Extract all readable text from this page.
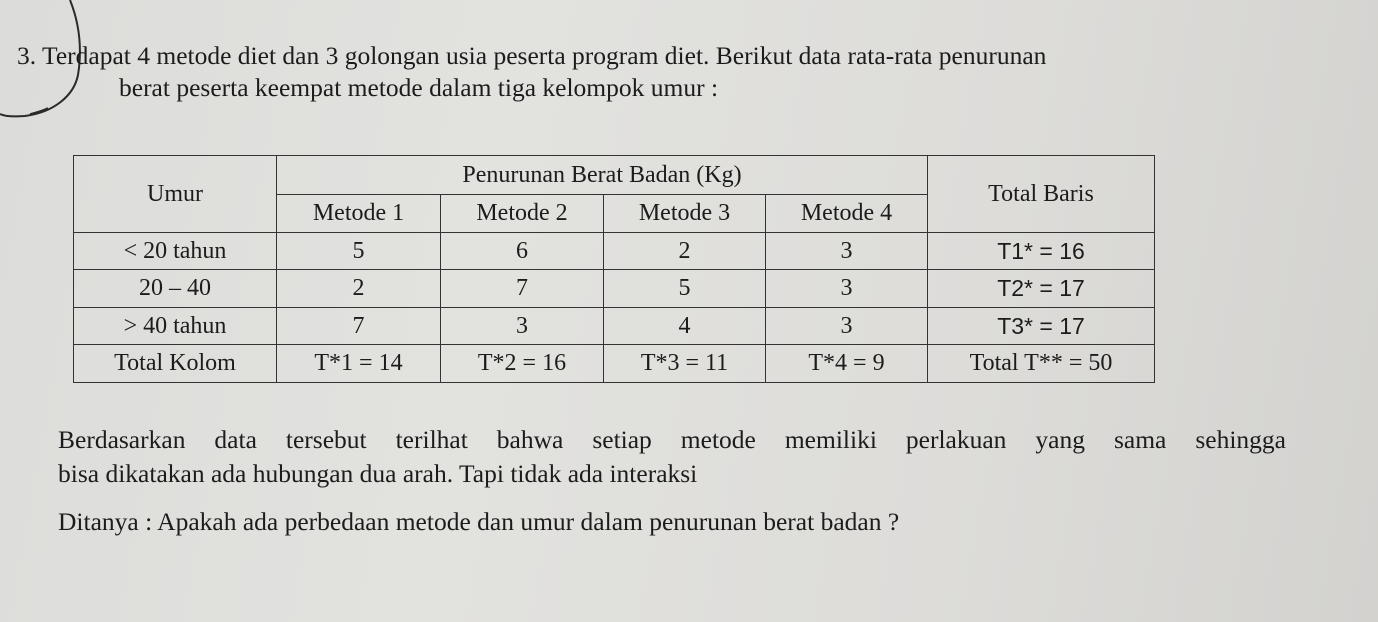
3. Terdapat 4 metode diet dan 3 golongan usia peserta program diet. Berikut data rata-rata penurunan
berat peserta keempat metode dalam tiga kelompok umur :
Umur	Penurunan Berat Badan (Kg)				Total Baris
	Metode 1	Metode 2	Metode 3	Metode 4	
< 20 tahun	5	6	2	3	T1* = 16
20 – 40	2	7	5	3	T2* = 17
> 40 tahun	7	3	4	3	T3* = 17
Total Kolom	T*1 = 14	T*2 = 16	T*3 = 11	T*4 = 9	Total T** = 50
Berdasarkan data tersebut terilhat bahwa setiap metode memiliki perlakuan yang sama sehingga
bisa dikatakan ada hubungan dua arah. Tapi tidak ada interaksi
Ditanya : Apakah ada perbedaan metode dan umur dalam penurunan berat badan ?
